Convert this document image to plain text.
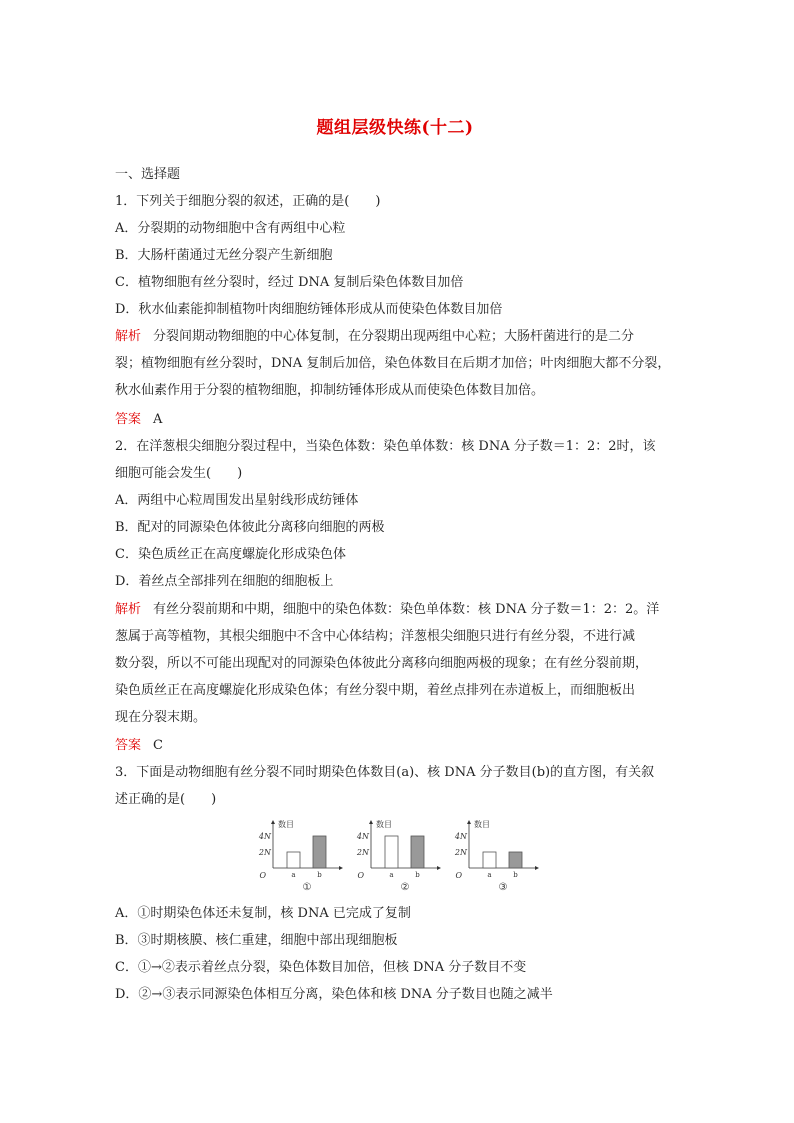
题组层级快练(十二)
一、选择题
1．下列关于细胞分裂的叙述，正确的是(　　)
A．分裂期的动物细胞中含有两组中心粒
B．大肠杆菌通过无丝分裂产生新细胞
C．植物细胞有丝分裂时，经过 DNA 复制后染色体数目加倍
D．秋水仙素能抑制植物叶肉细胞纺锤体形成从而使染色体数目加倍
解析 分裂间期动物细胞的中心体复制，在分裂期出现两组中心粒；大肠杆菌进行的是二分
裂；植物细胞有丝分裂时，DNA 复制后加倍，染色体数目在后期才加倍；叶肉细胞大都不分裂，
秋水仙素作用于分裂的植物细胞，抑制纺锤体形成从而使染色体数目加倍。
答案 A
2．在洋葱根尖细胞分裂过程中，当染色体数：染色单体数：核 DNA 分子数＝1：2：2时，该
细胞可能会发生(　　)
A．两组中心粒周围发出星射线形成纺锤体
B．配对的同源染色体彼此分离移向细胞的两极
C．染色质丝正在高度螺旋化形成染色体
D．着丝点全部排列在细胞的细胞板上
解析 有丝分裂前期和中期，细胞中的染色体数：染色单体数：核 DNA 分子数＝1：2：2。洋
葱属于高等植物，其根尖细胞中不含中心体结构；洋葱根尖细胞只进行有丝分裂，不进行减
数分裂，所以不可能出现配对的同源染色体彼此分离移向细胞两极的现象；在有丝分裂前期，
染色质丝正在高度螺旋化形成染色体；有丝分裂中期，着丝点排列在赤道板上，而细胞板出
现在分裂末期。
答案 C
3．下面是动物细胞有丝分裂不同时期染色体数目(a)、核 DNA 分子数目(b)的直方图，有关叙
述正确的是(　　)
数目
4N
2N
O	a	b
①
数目
4N
2N
O	a	b
②
数目
4N
2N
O	a	b
③
A．①时期染色体还未复制，核 DNA 已完成了复制
B．③时期核膜、核仁重建，细胞中部出现细胞板
C．①→②表示着丝点分裂，染色体数目加倍，但核 DNA 分子数目不变
D．②→③表示同源染色体相互分离，染色体和核 DNA 分子数目也随之减半
